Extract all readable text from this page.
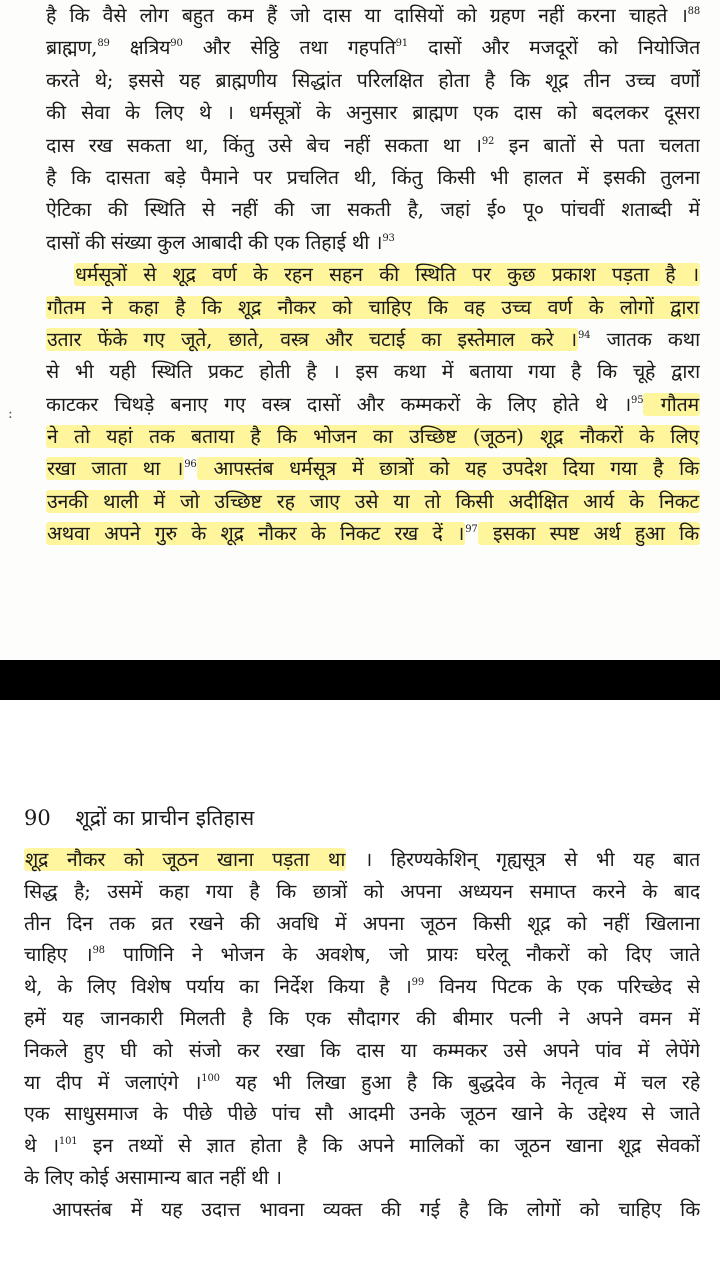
है कि वैसे लोग बहुत कम हैं जो दास या दासियों को ग्रहण नहीं करना चाहते ।$^{88}$
ब्राह्मण,$^{89}$ क्षत्रिय$^{90}$ और सेठ्ठि तथा गहपति$^{91}$ दासों और मजदूरों को नियोजित
करते थे; इससे यह ब्राह्मणीय सिद्धांत परिलक्षित होता है कि शूद्र तीन उच्च वर्णों
की सेवा के लिए थे । धर्मसूत्रों के अनुसार ब्राह्मण एक दास को बदलकर दूसरा
दास रख सकता था, किंतु उसे बेच नहीं सकता था ।$^{92}$ इन बातों से पता चलता
है कि दासता बड़े पैमाने पर प्रचलित थी, किंतु किसी भी हालत में इसकी तुलना
ऐटिका की स्थिति से नहीं की जा सकती है, जहां ई० पू० पांचवीं शताब्दी में
दासों की संख्या कुल आबादी की एक तिहाई थी ।$^{93}$
धर्मसूत्रों से शूद्र वर्ण के रहन सहन की स्थिति पर कुछ प्रकाश पड़ता है ।
गौतम ने कहा है कि शूद्र नौकर को चाहिए कि वह उच्च वर्ण के लोगों द्वारा
उतार फेंके गए जूते, छाते, वस्त्र और चटाई का इस्तेमाल करे ।$^{94}$ जातक कथा
से भी यही स्थिति प्रकट होती है । इस कथा में बताया गया है कि चूहे द्वारा
काटकर चिथड़े बनाए गए वस्त्र दासों और कम्मकरों के लिए होते थे ।$^{95}$ गौतम
ने तो यहां तक बताया है कि भोजन का उच्छिष्ट (जूठन) शूद्र नौकरों के लिए
रखा जाता था ।$^{96}$ आपस्तंब धर्मसूत्र में छात्रों को यह उपदेश दिया गया है कि
उनकी थाली में जो उच्छिष्ट रह जाए उसे या तो किसी अदीक्षित आर्य के निकट
अथवा अपने गुरु के शूद्र नौकर के निकट रख दें ।$^{97}$ इसका स्पष्ट अर्थ हुआ कि
:
90 शूद्रों का प्राचीन इतिहास
शूद्र नौकर को जूठन खाना पड़ता था । हिरण्यकेशिन् गृह्यसूत्र से भी यह बात
सिद्ध है; उसमें कहा गया है कि छात्रों को अपना अध्ययन समाप्त करने के बाद
तीन दिन तक व्रत रखने की अवधि में अपना जूठन किसी शूद्र को नहीं खिलाना
चाहिए ।$^{98}$ पाणिनि ने भोजन के अवशेष, जो प्रायः घरेलू नौकरों को दिए जाते
थे, के लिए विशेष पर्याय का निर्देश किया है ।$^{99}$ विनय पिटक के एक परिच्छेद से
हमें यह जानकारी मिलती है कि एक सौदागर की बीमार पत्नी ने अपने वमन में
निकले हुए घी को संजो कर रखा कि दास या कम्मकर उसे अपने पांव में लेपेंगे
या दीप में जलाएंगे ।$^{100}$ यह भी लिखा हुआ है कि बुद्धदेव के नेतृत्व में चल रहे
एक साधुसमाज के पीछे पीछे पांच सौ आदमी उनके जूठन खाने के उद्देश्य से जाते
थे ।$^{101}$ इन तथ्यों से ज्ञात होता है कि अपने मालिकों का जूठन खाना शूद्र सेवकों
के लिए कोई असामान्य बात नहीं थी ।
आपस्तंब में यह उदात्त भावना व्यक्त की गई है कि लोगों को चाहिए कि
